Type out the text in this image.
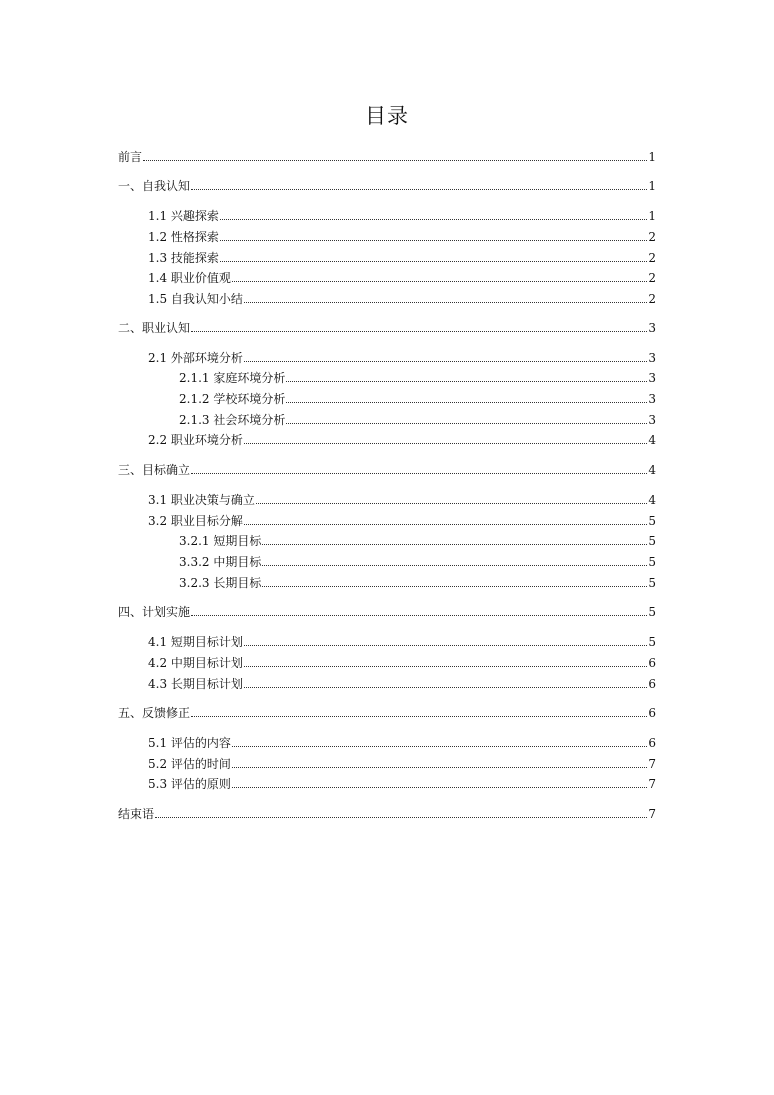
目录
前言	1
一、自我认知	1
1.1 兴趣探索	1
1.2 性格探索	2
1.3 技能探索	2
1.4 职业价值观	2
1.5 自我认知小结	2
二、职业认知	3
2.1 外部环境分析	3
2.1.1 家庭环境分析	3
2.1.2 学校环境分析	3
2.1.3 社会环境分析	3
2.2 职业环境分析	4
三、目标确立	4
3.1 职业决策与确立	4
3.2 职业目标分解	5
3.2.1 短期目标	5
3.3.2 中期目标	5
3.2.3 长期目标	5
四、计划实施	5
4.1 短期目标计划	5
4.2 中期目标计划	6
4.3 长期目标计划	6
五、反馈修正	6
5.1 评估的内容	6
5.2 评估的时间	7
5.3 评估的原则	7
结束语	7
